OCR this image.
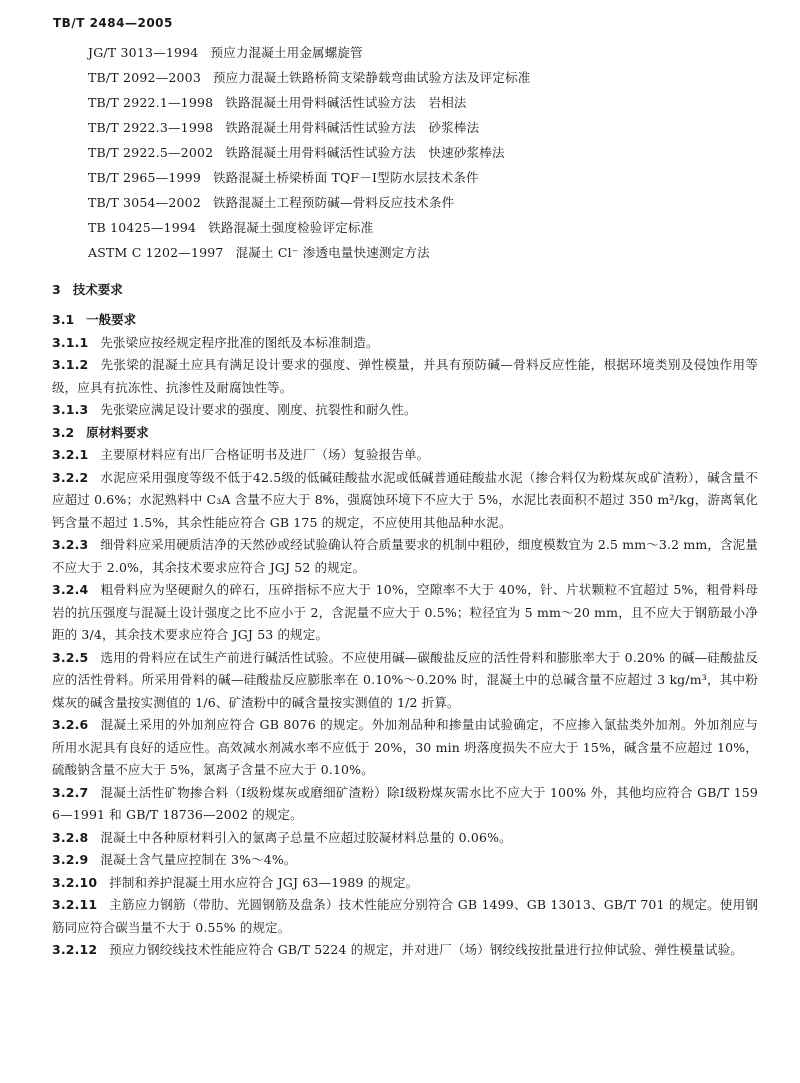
TB/T 2484—2005
JG/T 3013—1994 预应力混凝土用金属螺旋管
TB/T 2092—2003 预应力混凝土铁路桥简支梁静载弯曲试验方法及评定标准
TB/T 2922.1—1998 铁路混凝土用骨料碱活性试验方法　岩相法
TB/T 2922.3—1998 铁路混凝土用骨料碱活性试验方法　砂浆棒法
TB/T 2922.5—2002 铁路混凝土用骨料碱活性试验方法　快速砂浆棒法
TB/T 2965—1999 铁路混凝土桥梁桥面 TQF－Ⅰ型防水层技术条件
TB/T 3054—2002 铁路混凝土工程预防碱—骨料反应技术条件
TB 10425—1994 铁路混凝土强度检验评定标准
ASTM C 1202—1997 混凝土 Cl⁻ 渗透电量快速测定方法
3 技术要求
3.1 一般要求
3.1.1 先张梁应按经规定程序批准的图纸及本标准制造。
3.1.2 先张梁的混凝土应具有满足设计要求的强度、弹性模量，并具有预防碱—骨料反应性能，根据环境类别及侵蚀作用等级，应具有抗冻性、抗渗性及耐腐蚀性等。
3.1.3 先张梁应满足设计要求的强度、刚度、抗裂性和耐久性。
3.2 原材料要求
3.2.1 主要原材料应有出厂合格证明书及进厂（场）复验报告单。
3.2.2 水泥应采用强度等级不低于42.5级的低碱硅酸盐水泥或低碱普通硅酸盐水泥（掺合料仅为粉煤灰或矿渣粉），碱含量不应超过 0.6%；水泥熟料中 C₃A 含量不应大于 8%，强腐蚀环境下不应大于 5%，水泥比表面积不超过 350 m²/kg，游离氧化钙含量不超过 1.5%，其余性能应符合 GB 175 的规定，不应使用其他品种水泥。
3.2.3 细骨料应采用硬质洁净的天然砂或经试验确认符合质量要求的机制中粗砂，细度模数宜为 2.5 mm～3.2 mm，含泥量不应大于 2.0%，其余技术要求应符合 JGJ 52 的规定。
3.2.4 粗骨料应为坚硬耐久的碎石，压碎指标不应大于 10%，空隙率不大于 40%，针、片状颗粒不宜超过 5%，粗骨料母岩的抗压强度与混凝土设计强度之比不应小于 2，含泥量不应大于 0.5%；粒径宜为 5 mm～20 mm，且不应大于钢筋最小净距的 3/4，其余技术要求应符合 JGJ 53 的规定。
3.2.5 选用的骨料应在试生产前进行碱活性试验。不应使用碱—碳酸盐反应的活性骨料和膨胀率大于 0.20% 的碱—硅酸盐反应的活性骨料。所采用骨料的碱—硅酸盐反应膨胀率在 0.10%～0.20% 时，混凝土中的总碱含量不应超过 3 kg/m³，其中粉煤灰的碱含量按实测值的 1/6、矿渣粉中的碱含量按实测值的 1/2 折算。
3.2.6 混凝土采用的外加剂应符合 GB 8076 的规定。外加剂品种和掺量由试验确定，不应掺入氯盐类外加剂。外加剂应与所用水泥具有良好的适应性。高效减水剂减水率不应低于 20%，30 min 坍落度损失不应大于 15%，碱含量不应超过 10%，硫酸钠含量不应大于 5%，氯离子含量不应大于 0.10%。
3.2.7 混凝土活性矿物掺合料（Ⅰ级粉煤灰或磨细矿渣粉）除Ⅰ级粉煤灰需水比不应大于 100% 外，其他均应符合 GB/T 1596—1991 和 GB/T 18736—2002 的规定。
3.2.8 混凝土中各种原材料引入的氯离子总量不应超过胶凝材料总量的 0.06%。
3.2.9 混凝土含气量应控制在 3%～4%。
3.2.10 拌制和养护混凝土用水应符合 JGJ 63—1989 的规定。
3.2.11 主筋应力钢筋（带肋、光圆钢筋及盘条）技术性能应分别符合 GB 1499、GB 13013、GB/T 701 的规定。使用钢筋同应符合碳当量不大于 0.55% 的规定。
3.2.12 预应力钢绞线技术性能应符合 GB/T 5224 的规定，并对进厂（场）钢绞线按批量进行拉伸试验、弹性模量试验。
